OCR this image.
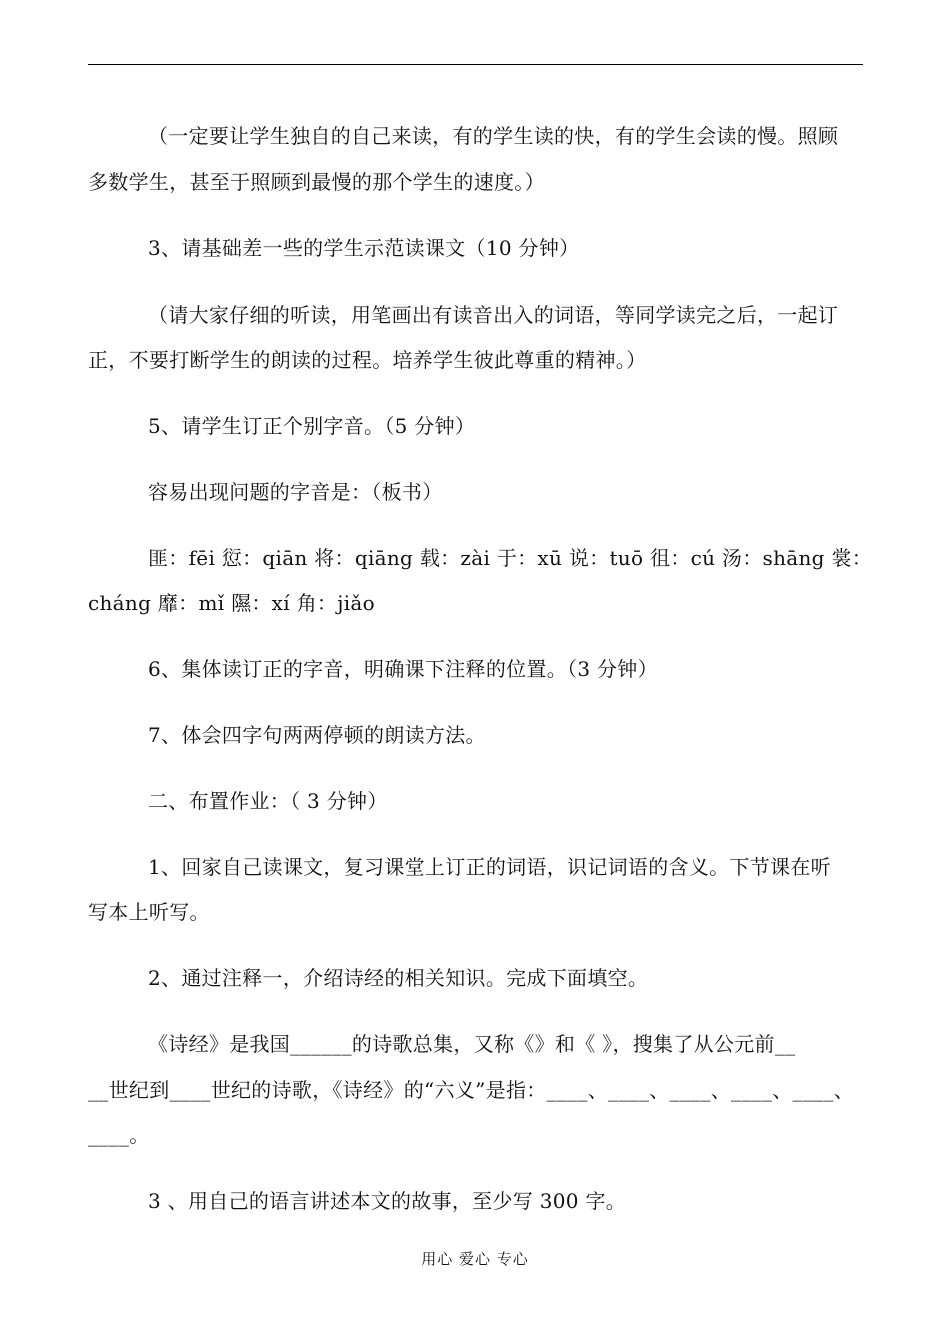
（一定要让学生独自的自己来读，有的学生读的快，有的学生会读的慢。照顾
多数学生，甚至于照顾到最慢的那个学生的速度。）
3、请基础差一些的学生示范读课文（10 分钟）
（请大家仔细的听读，用笔画出有读音出入的词语，等同学读完之后，一起订
正，不要打断学生的朗读的过程。培养学生彼此尊重的精神。）
5、请学生订正个别字音。（5 分钟）
容易出现问题的字音是：（板书）
匪：fēi 愆：qiān 将：qiāng 载：zài 于：xū 说：tuō 徂：cú 汤：shāng 裳：
cháng 靡：mǐ 隰：xí 角：jiǎo
6、集体读订正的字音，明确课下注释的位置。（3 分钟）
7、体会四字句两两停顿的朗读方法。
二、布置作业：（ 3 分钟）
1、回家自己读课文，复习课堂上订正的词语，识记词语的含义。下节课在听
写本上听写。
2、通过注释一，介绍诗经的相关知识。完成下面填空。
《诗经》是我国______的诗歌总集，又称《》和《 》，搜集了从公元前__
__世纪到____世纪的诗歌，《诗经》的“六义”是指：____、____、____、____、____、
____。
3 、用自己的语言讲述本文的故事，至少写 300 字。
用心 爱心 专心
